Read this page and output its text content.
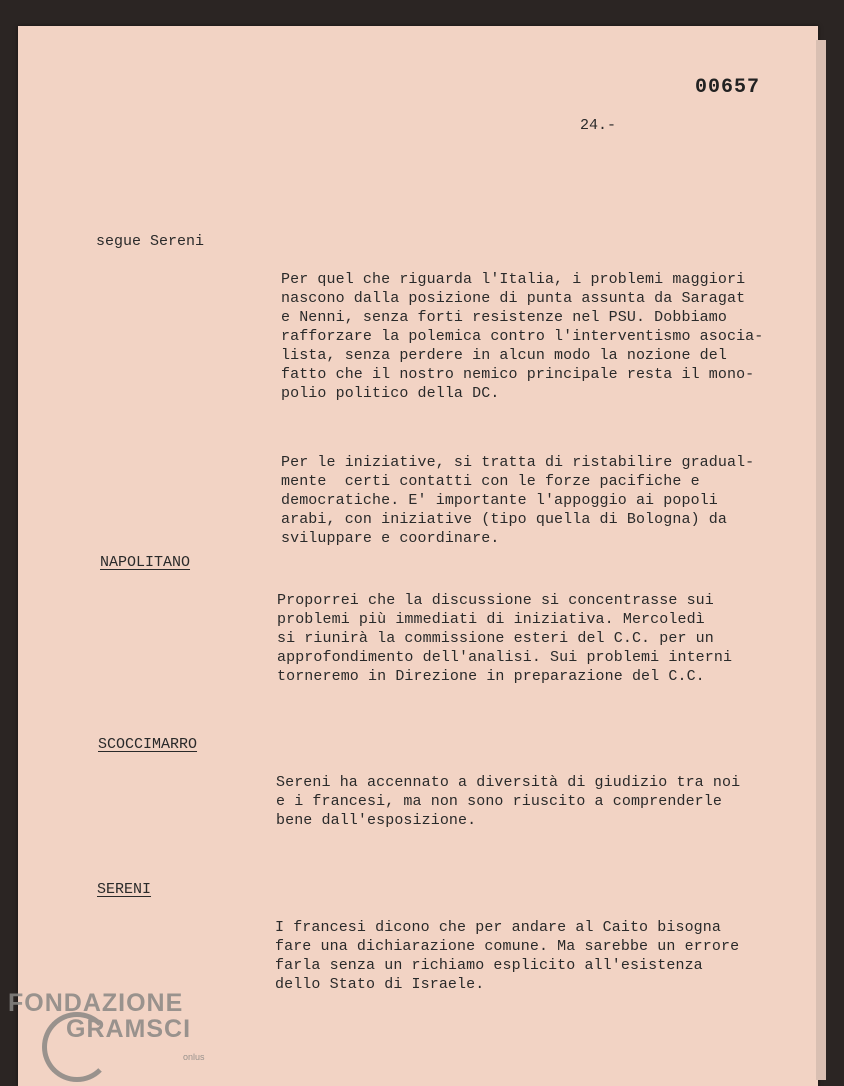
00657
24.-
segue Sereni

Per quel che riguarda l'Italia, i problemi maggiori
nascono dalla posizione di punta assunta da Saragat
e Nenni, senza forti resistenze nel PSU. Dobbiamo
rafforzare la polemica contro l'interventismo asocia-
lista, senza perdere in alcun modo la nozione del
fatto che il nostro nemico principale resta il mono-
polio politico della DC.

Per le iniziative, si tratta di ristabilire gradual-
mente  certi contatti con le forze pacifiche e
democratiche. E' importante l'appoggio ai popoli
arabi, con iniziative (tipo quella di Bologna) da
sviluppare e coordinare.

NAPOLITANO

Proporrei che la discussione si concentrasse sui
problemi più immediati di iniziativa. Mercoledì
si riunirà la commissione esteri del C.C. per un
approfondimento dell'analisi. Sui problemi interni
torneremo in Direzione in preparazione del C.C.

SCOCCIMARRO

Sereni ha accennato a diversità di giudizio tra noi
e i francesi, ma non sono riuscito a comprenderle
bene dall'esposizione.

SERENI

I francesi dicono che per andare al Caito bisogna
fare una dichiarazione comune. Ma sarebbe un errore
farla senza un richiamo esplicito all'esistenza
dello Stato di Israele.

FONDAZIONE
GRAMSCI
onlus
